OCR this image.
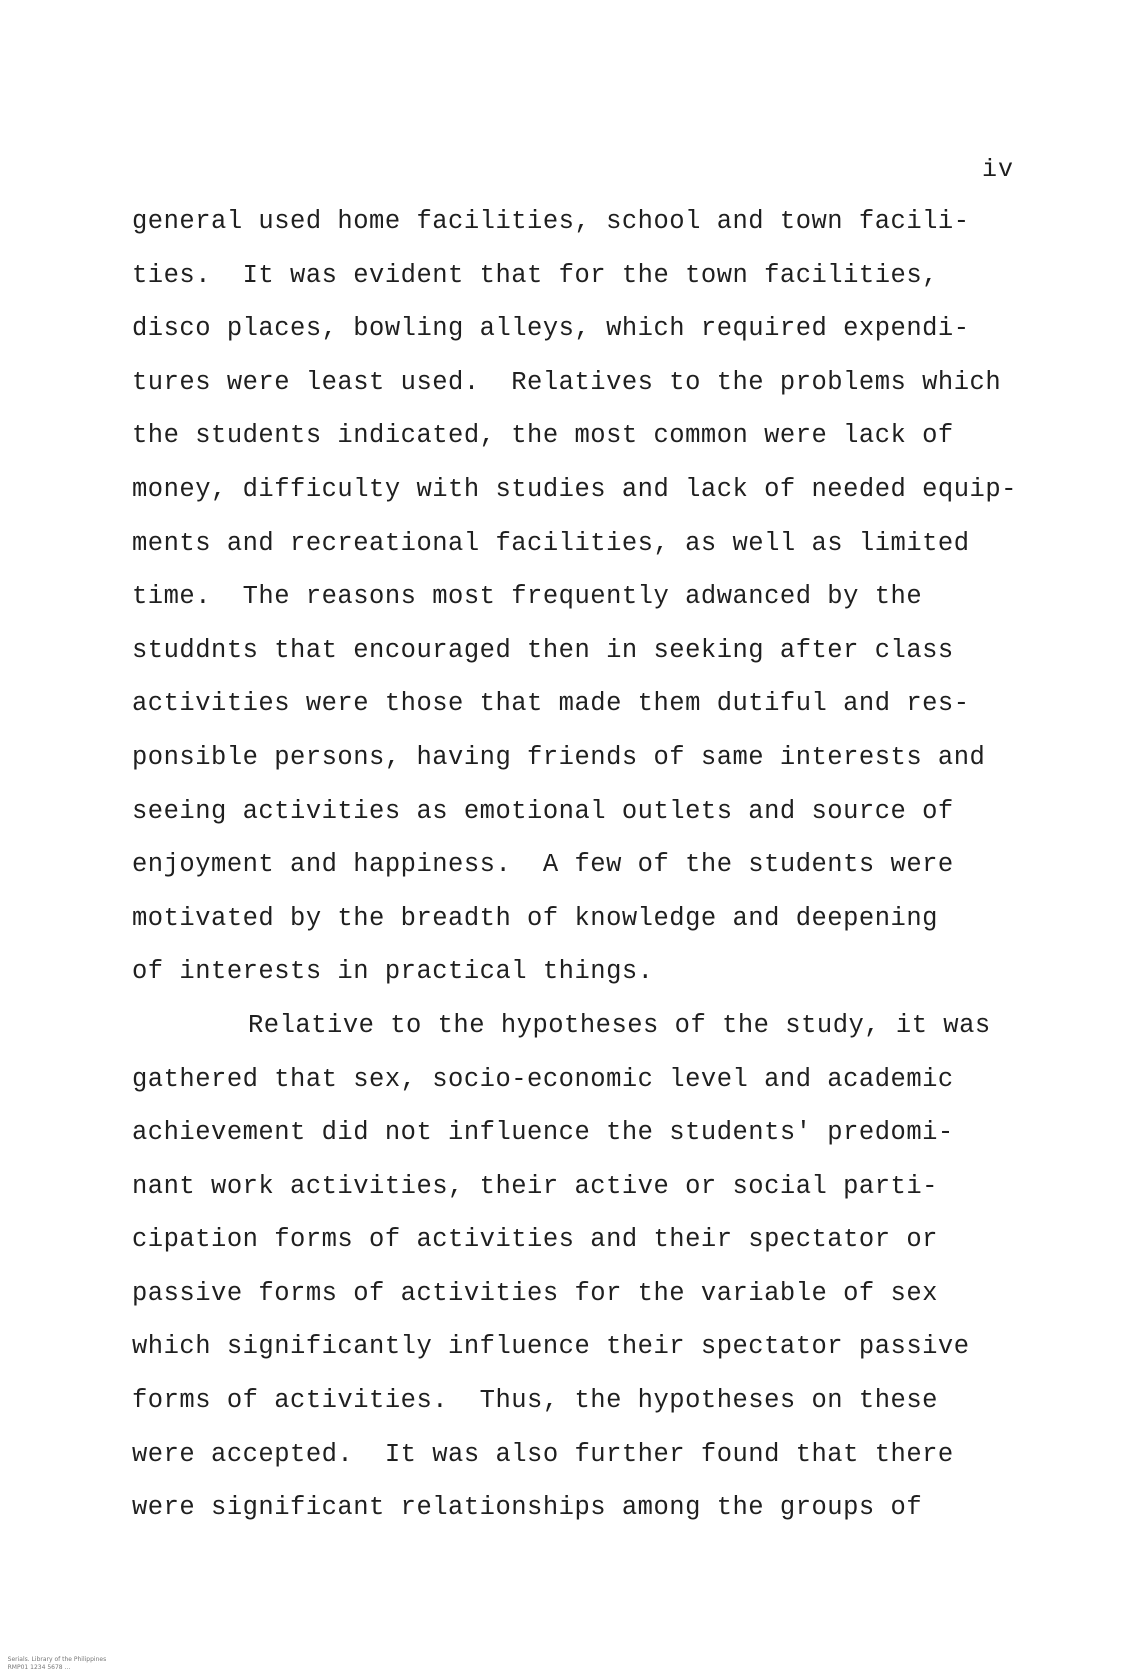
iv
general used home facilities, school and town facili-
ties.  It was evident that for the town facilities,
disco places, bowling alleys, which required expendi-
tures were least used.  Relatives to the problems which
the students indicated, the most common were lack of
money, difficulty with studies and lack of needed equip-
ments and recreational facilities, as well as limited
time.  The reasons most frequently adwanced by the
studdnts that encouraged then in seeking after class
activities were those that made them dutiful and res-
ponsible persons, having friends of same interests and
seeing activities as emotional outlets and source of
enjoyment and happiness.  A few of the students were
motivated by the breadth of knowledge and deepening
of interests in practical things.
Relative to the hypotheses of the study, it was
gathered that sex, socio-economic level and academic
achievement did not influence the students' predomi-
nant work activities, their active or social parti-
cipation forms of activities and their spectator or
passive forms of activities for the variable of sex
which significantly influence their spectator passive
forms of activities.  Thus, the hypotheses on these
were accepted.  It was also further found that there
were significant relationships among the groups of

Serials. Library of the Philippines
RMP01 1234 5678 ...
